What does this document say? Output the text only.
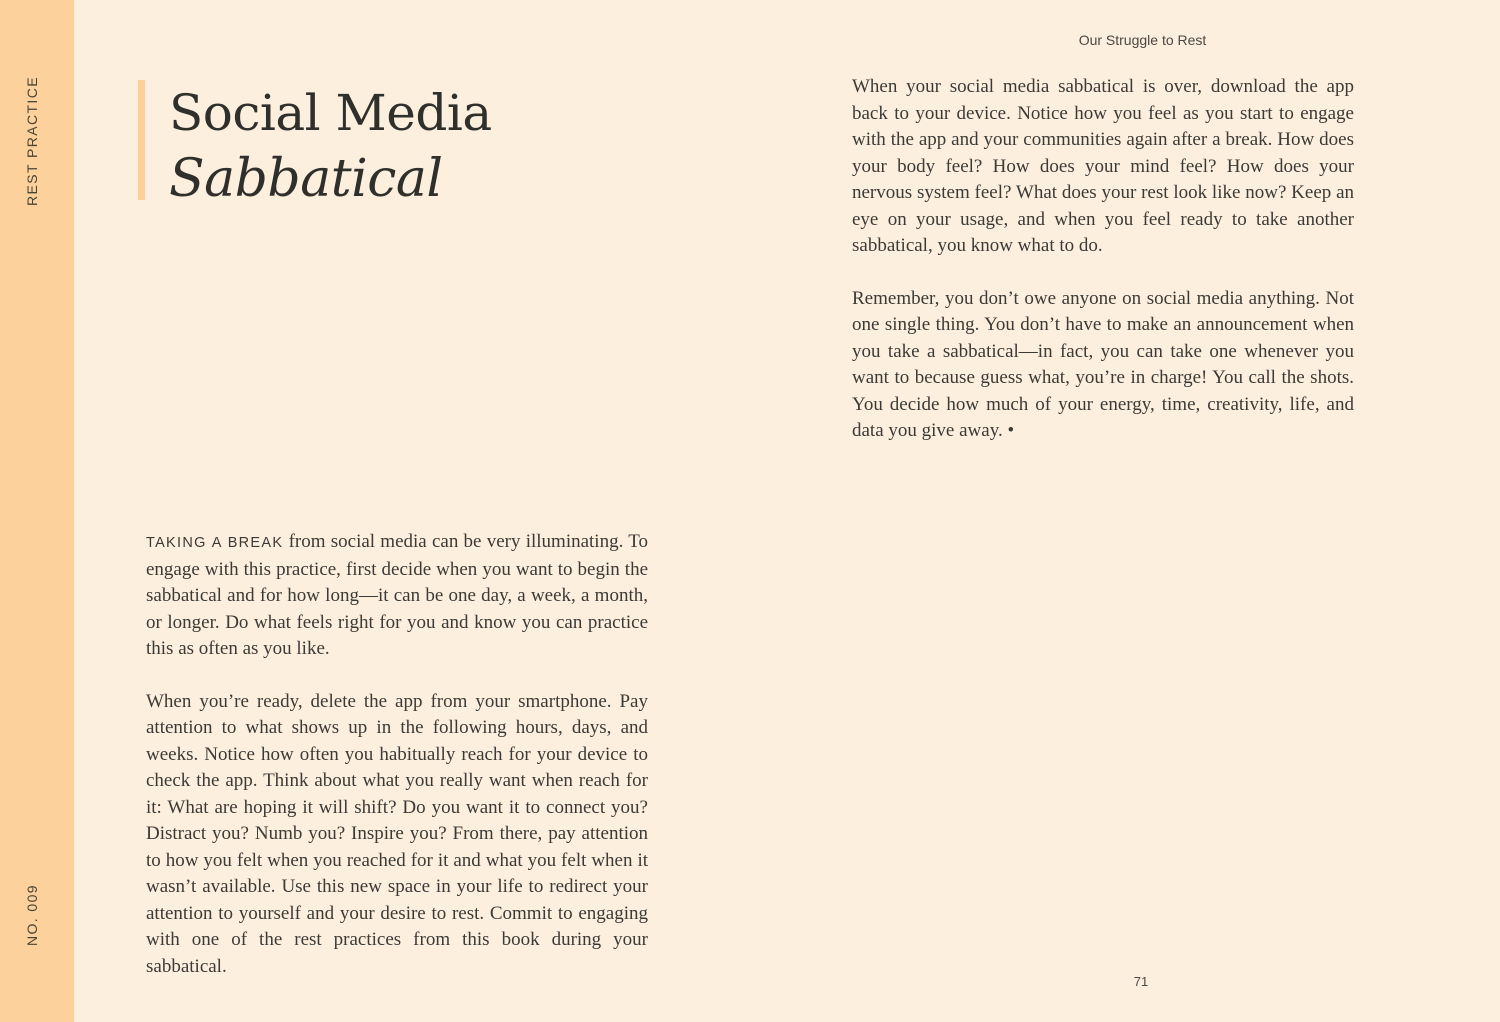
REST PRACTICE
NO. 009
Our Struggle to Rest
Social Media
Sabbatical

TAKING A BREAK from social media can be very illuminating. To engage with this practice, first decide when you want to begin the sabbatical and for how long—it can be one day, a week, a month, or longer. Do what feels right for you and know you can practice this as often as you like.

When you’re ready, delete the app from your smartphone. Pay attention to what shows up in the following hours, days, and weeks. Notice how often you habitually reach for your device to check the app. Think about what you really want when reach for it: What are hoping it will shift? Do you want it to connect you? Distract you? Numb you? Inspire you? From there, pay attention to how you felt when you reached for it and what you felt when it wasn’t available. Use this new space in your life to redirect your attention to yourself and your desire to rest. Commit to engaging with one of the rest practices from this book during your sabbatical.

When your social media sabbatical is over, download the app back to your device. Notice how you feel as you start to engage with the app and your communities again after a break. How does your body feel? How does your mind feel? How does your nervous system feel? What does your rest look like now? Keep an eye on your usage, and when you feel ready to take another sabbatical, you know what to do.

Remember, you don’t owe anyone on social media anything. Not one single thing. You don’t have to make an announcement when you take a sabbatical—in fact, you can take one whenever you want to because guess what, you’re in charge! You call the shots. You decide how much of your energy, time, creativity, life, and data you give away. •

71
